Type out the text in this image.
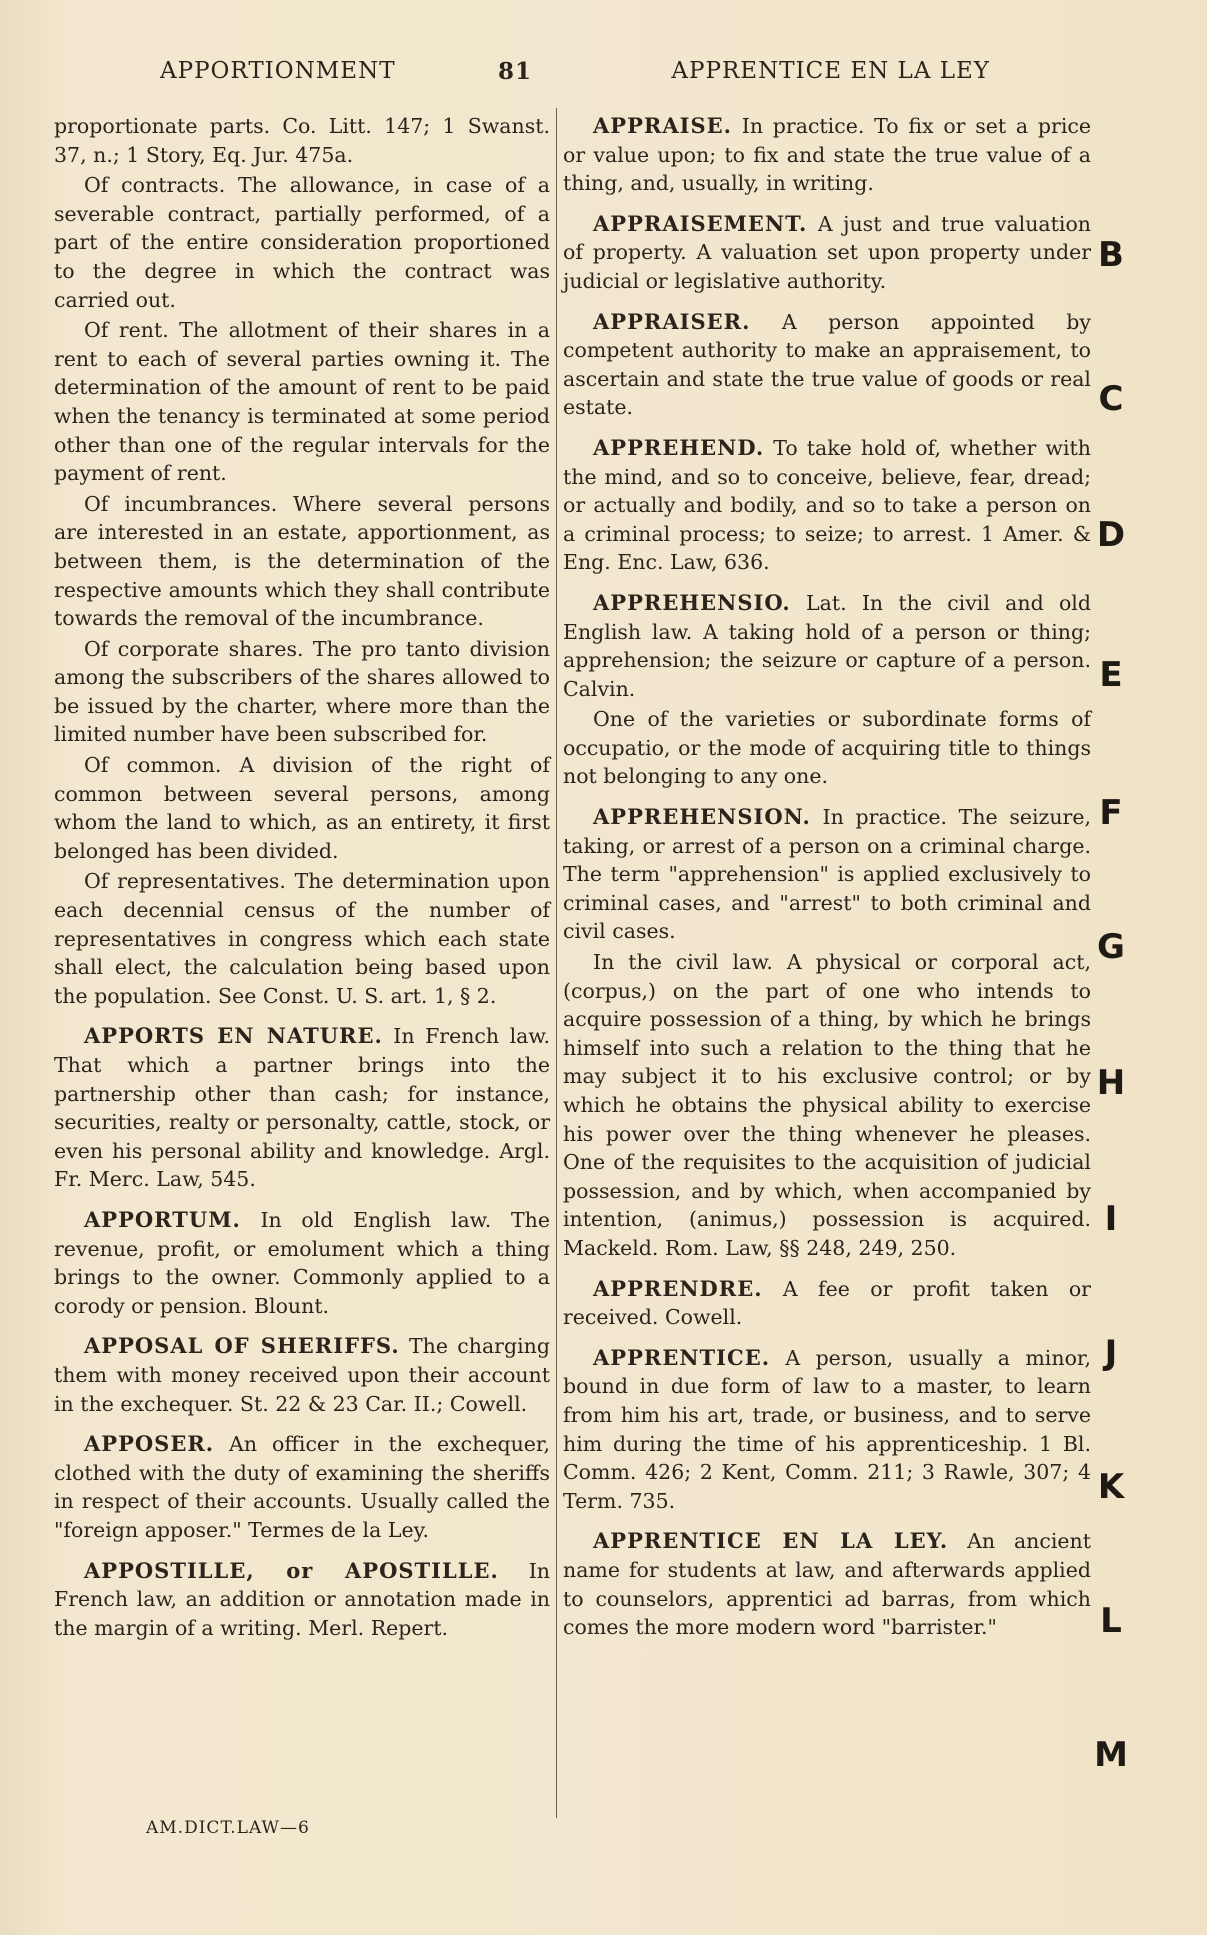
APPORTIONMENT	81	APPRENTICE EN LA LEY

proportionate parts. Co. Litt. 147; 1 Swanst. 37, n.; 1 Story, Eq. Jur. 475a.

Of contracts. The allowance, in case of a severable contract, partially performed, of a part of the entire consideration proportioned to the degree in which the contract was carried out.

Of rent. The allotment of their shares in a rent to each of several parties owning it. The determination of the amount of rent to be paid when the tenancy is terminated at some period other than one of the regular intervals for the payment of rent.

Of incumbrances. Where several persons are interested in an estate, apportionment, as between them, is the determination of the respective amounts which they shall contribute towards the removal of the incumbrance.

Of corporate shares. The pro tanto division among the subscribers of the shares allowed to be issued by the charter, where more than the limited number have been subscribed for.

Of common. A division of the right of common between several persons, among whom the land to which, as an entirety, it first belonged has been divided.

Of representatives. The determination upon each decennial census of the number of representatives in congress which each state shall elect, the calculation being based upon the population. See Const. U. S. art. 1, § 2.

APPORTS EN NATURE. In French law. That which a partner brings into the partnership other than cash; for instance, securities, realty or personalty, cattle, stock, or even his personal ability and knowledge. Argl. Fr. Merc. Law, 545.

APPORTUM. In old English law. The revenue, profit, or emolument which a thing brings to the owner. Commonly applied to a corody or pension. Blount.

APPOSAL OF SHERIFFS. The charging them with money received upon their account in the exchequer. St. 22 & 23 Car. II.; Cowell.

APPOSER. An officer in the exchequer, clothed with the duty of examining the sheriffs in respect of their accounts. Usually called the "foreign apposer." Termes de la Ley.

APPOSTILLE, or APOSTILLE. In French law, an addition or annotation made in the margin of a writing. Merl. Repert.

APPRAISE. In practice. To fix or set a price or value upon; to fix and state the true value of a thing, and, usually, in writing.

APPRAISEMENT. A just and true valuation of property. A valuation set upon property under judicial or legislative authority.

APPRAISER. A person appointed by competent authority to make an appraisement, to ascertain and state the true value of goods or real estate.

APPREHEND. To take hold of, whether with the mind, and so to conceive, believe, fear, dread; or actually and bodily, and so to take a person on a criminal process; to seize; to arrest. 1 Amer. & Eng. Enc. Law, 636.

APPREHENSIO. Lat. In the civil and old English law. A taking hold of a person or thing; apprehension; the seizure or capture of a person. Calvin.

One of the varieties or subordinate forms of occupatio, or the mode of acquiring title to things not belonging to any one.

APPREHENSION. In practice. The seizure, taking, or arrest of a person on a criminal charge. The term "apprehension" is applied exclusively to criminal cases, and "arrest" to both criminal and civil cases.

In the civil law. A physical or corporal act, (corpus,) on the part of one who intends to acquire possession of a thing, by which he brings himself into such a relation to the thing that he may subject it to his exclusive control; or by which he obtains the physical ability to exercise his power over the thing whenever he pleases. One of the requisites to the acquisition of judicial possession, and by which, when accompanied by intention, (animus,) possession is acquired. Mackeld. Rom. Law, §§ 248, 249, 250.

APPRENDRE. A fee or profit taken or received. Cowell.

APPRENTICE. A person, usually a minor, bound in due form of law to a master, to learn from him his art, trade, or business, and to serve him during the time of his apprenticeship. 1 Bl. Comm. 426; 2 Kent, Comm. 211; 3 Rawle, 307; 4 Term. 735.

APPRENTICE EN LA LEY. An ancient name for students at law, and afterwards applied to counselors, apprentici ad barras, from which comes the more modern word "barrister."

AM.DICT.LAW—6
B
C
D
E
F
G
H
I
J
K
L
M
